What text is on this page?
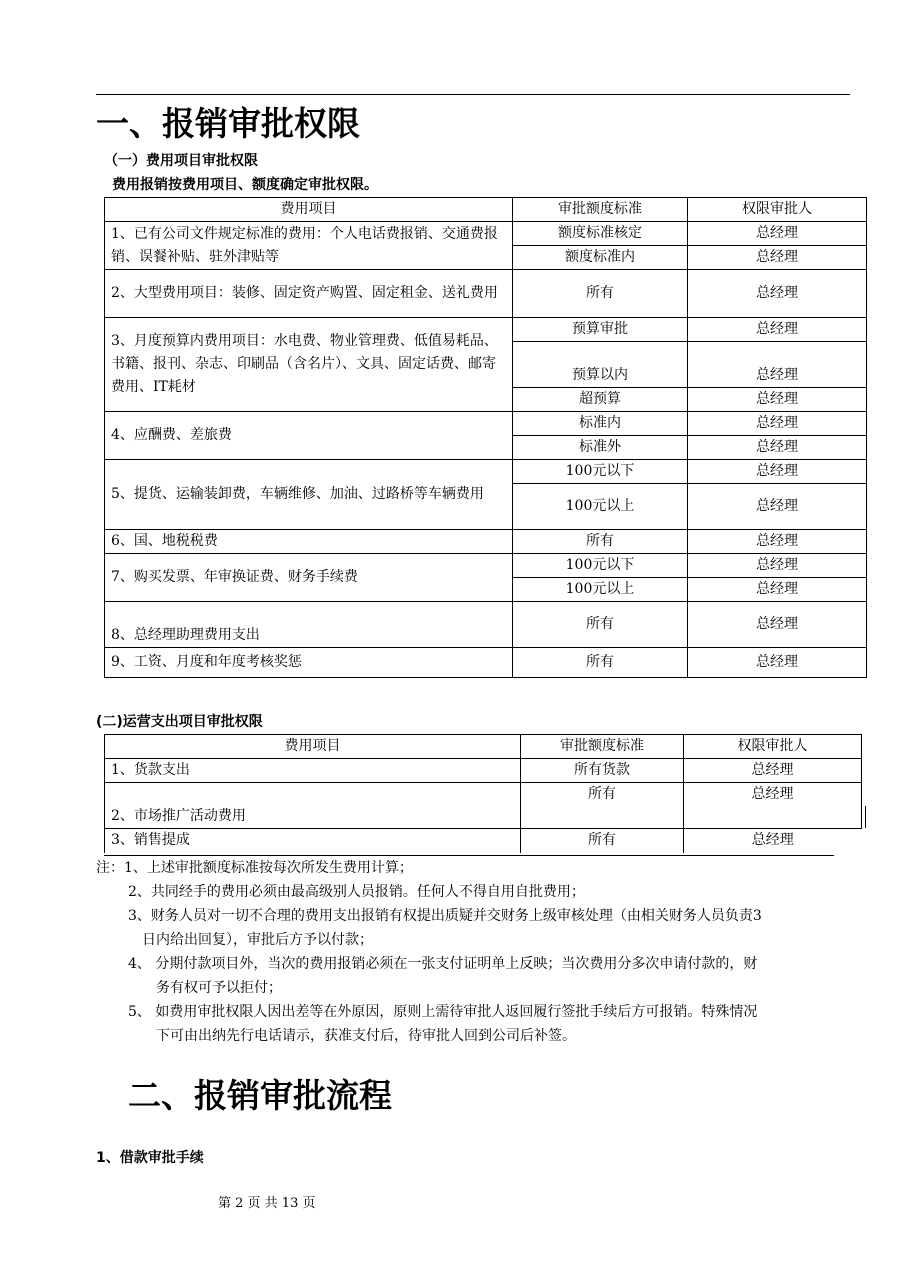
一、报销审批权限
（一）费用项目审批权限
费用报销按费用项目、额度确定审批权限。
费用项目	审批额度标准	权限审批人
1、已有公司文件规定标准的费用：个人电话费报销、交通费报销、误餐补贴、驻外津贴等	额度标准核定	总经理
	额度标准内	总经理
2、大型费用项目：装修、固定资产购置、固定租金、送礼费用	所有	总经理
3、月度预算内费用项目：水电费、物业管理费、低值易耗品、书籍、报刊、杂志、印刷品（含名片）、文具、固定话费、邮寄费用、IT耗材	预算审批	总经理
	预算以内	总经理
	超预算	总经理
4、应酬费、差旅费	标准内	总经理
	标准外	总经理
5、提货、运输装卸费，车辆维修、加油、过路桥等车辆费用	100元以下	总经理
	100元以上	总经理
6、国、地税税费	所有	总经理
7、购买发票、年审换证费、财务手续费	100元以下	总经理
	100元以上	总经理
8、总经理助理费用支出	所有	总经理
9、工资、月度和年度考核奖惩	所有	总经理
(二)运营支出项目审批权限
费用项目	审批额度标准	权限审批人
1、货款支出	所有货款	总经理
2、市场推广活动费用	所有	总经理
3、销售提成	所有	总经理
注：1、上述审批额度标准按每次所发生费用计算；
2、共同经手的费用必须由最高级别人员报销。任何人不得自用自批费用；
3、财务人员对一切不合理的费用支出报销有权提出质疑并交财务上级审核处理（由相关财务人员负责3
日内给出回复），审批后方予以付款；
4、 分期付款项目外，当次的费用报销必须在一张支付证明单上反映；当次费用分多次申请付款的，财
务有权可予以拒付；
5、 如费用审批权限人因出差等在外原因，原则上需待审批人返回履行签批手续后方可报销。特殊情况
下可由出纳先行电话请示，获准支付后，待审批人回到公司后补签。
二、报销审批流程
1、借款审批手续
第 2 页 共 13 页
